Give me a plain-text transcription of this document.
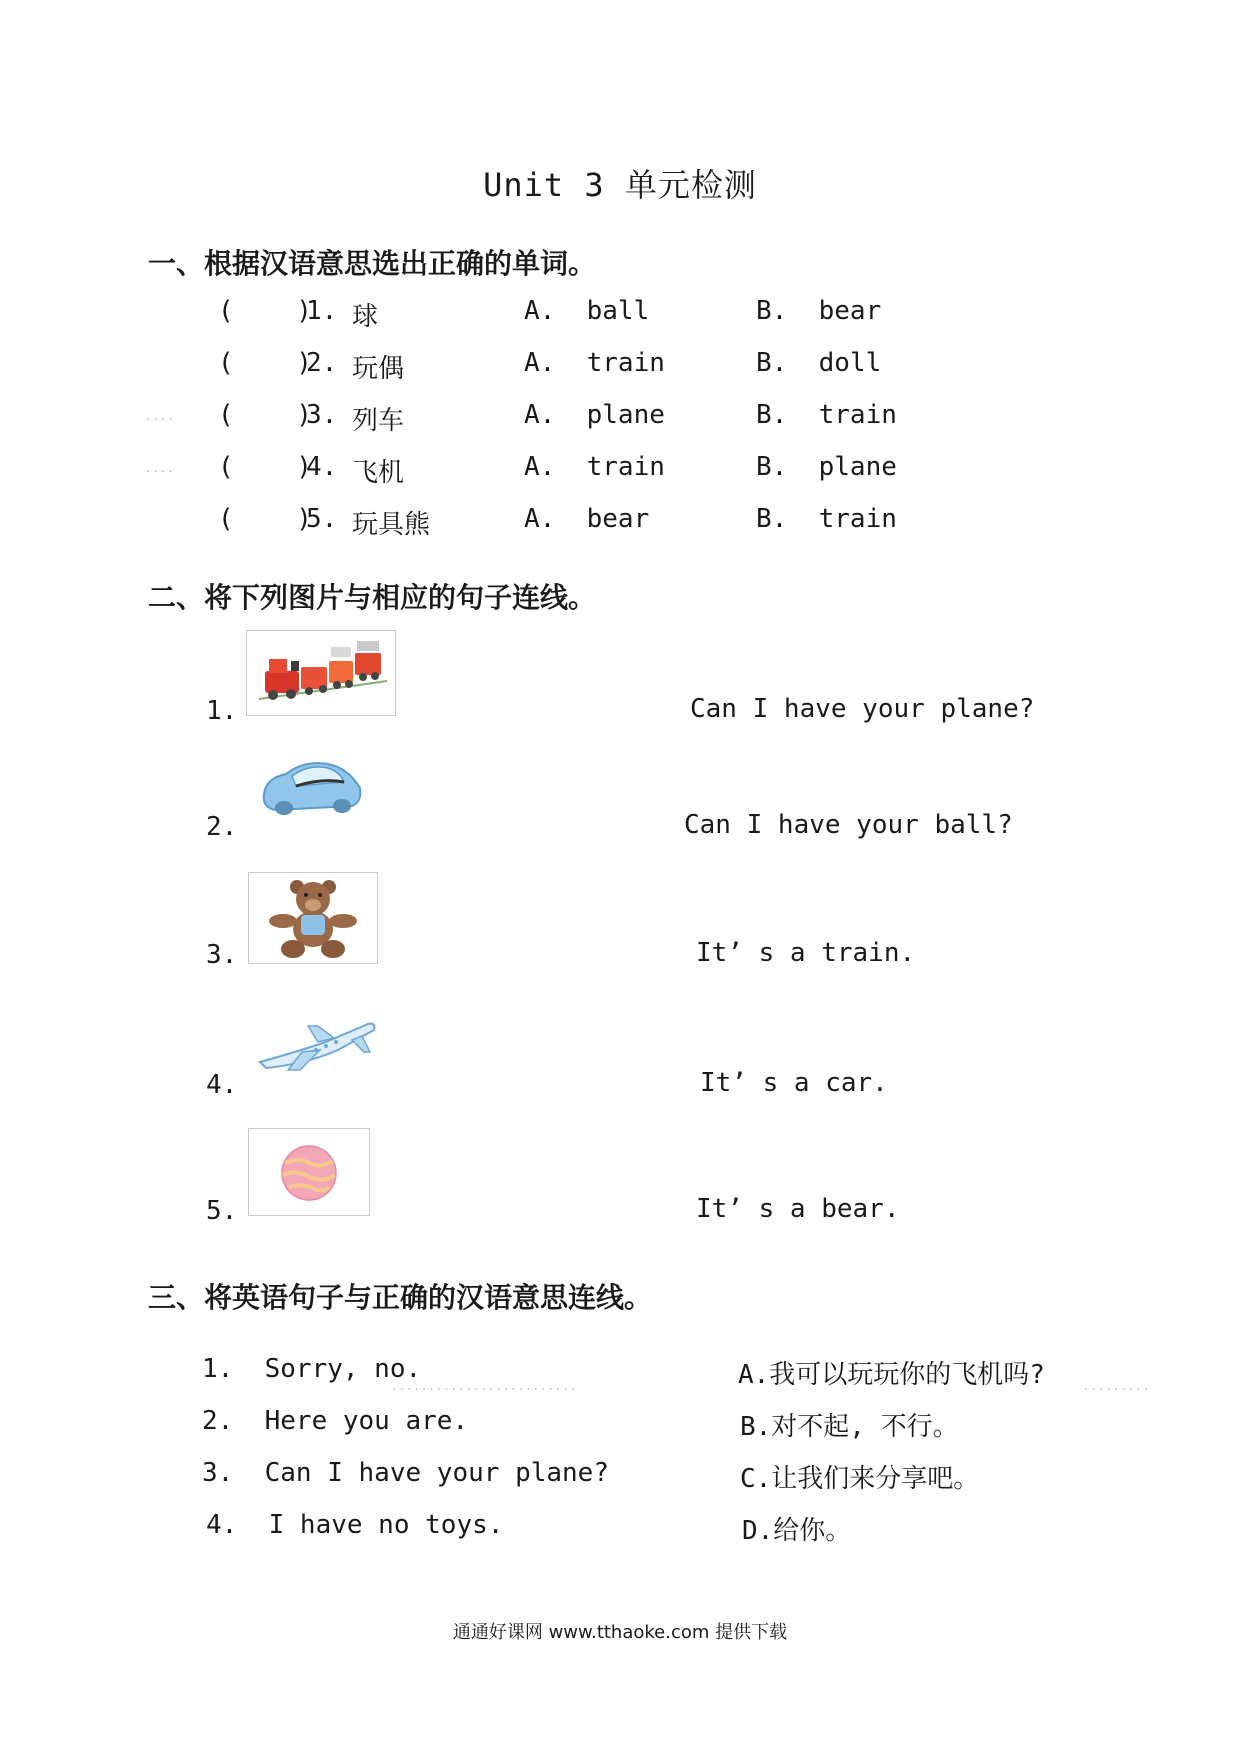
Unit 3 单元检测
一、根据汉语意思选出正确的单词。
....
....
(    )
1. 球	A.  ball	B.  bear
(    )
2. 玩偶	A.  train	B.  doll
(    )
3. 列车	A.  plane	B.  train
(    )
4. 飞机	A.  train	B.  plane
(    )
5. 玩具熊	A.  bear	B.  train
二、将下列图片与相应的句子连线。
1.	Can I have your plane?
2.	Can I have your ball?
3.	It’ s a train.
4.	It’ s a car.
5.	It’ s a bear.
三、将英语句子与正确的汉语意思连线。
.........................	.........
1.  Sorry, no.	A.我可以玩玩你的飞机吗?
2.  Here you are.	B.对不起, 不行。
3.  Can I have your plane?	C.让我们来分享吧。
4.  I have no toys.	D.给你。
通通好课网 www.tthaoke.com 提供下载
